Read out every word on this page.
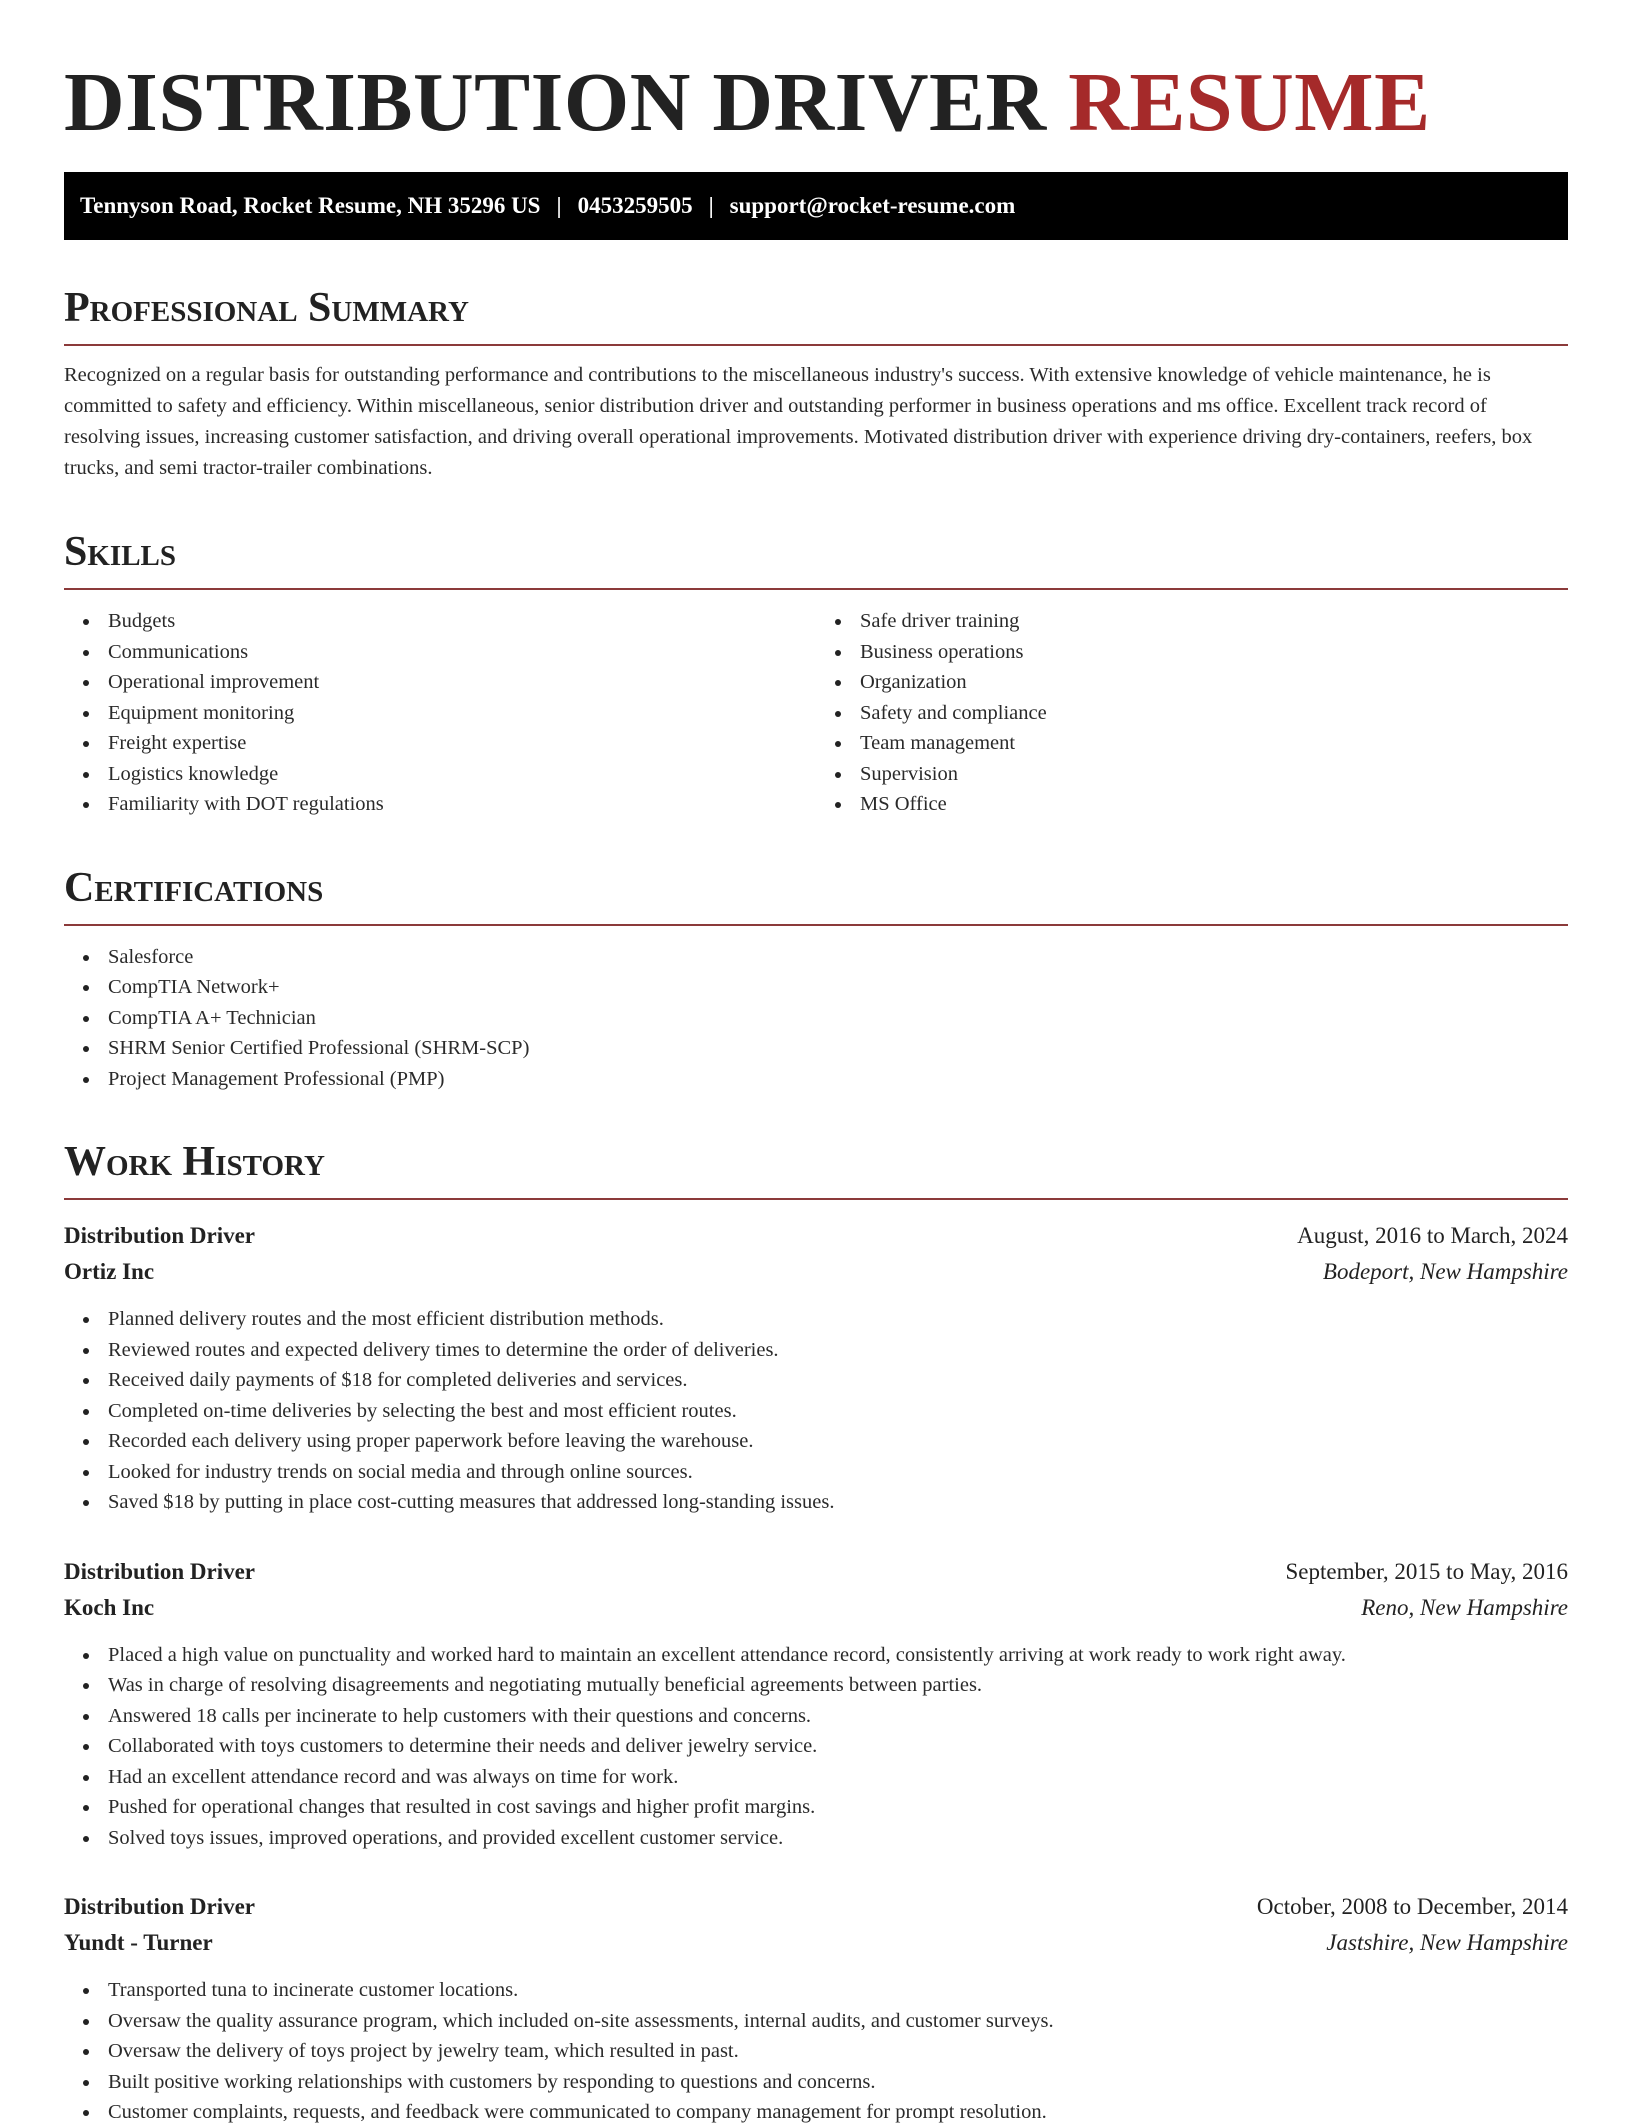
DISTRIBUTION DRIVER RESUME
Tennyson Road, Rocket Resume, NH 35296 US | 0453259505 | support@rocket-resume.com
Professional Summary

Recognized on a regular basis for outstanding performance and contributions to the miscellaneous industry's success. With extensive knowledge of vehicle maintenance, he is committed to safety and efficiency. Within miscellaneous, senior distribution driver and outstanding performer in business operations and ms office. Excellent track record of resolving issues, increasing customer satisfaction, and driving overall operational improvements. Motivated distribution driver with experience driving dry-containers, reefers, box trucks, and semi tractor-trailer combinations.

Skills
Budgets
Communications
Operational improvement
Equipment monitoring
Freight expertise
Logistics knowledge
Familiarity with DOT regulations
Safe driver training
Business operations
Organization
Safety and compliance
Team management
Supervision
MS Office
Certifications
Salesforce
CompTIA Network+
CompTIA A+ Technician
SHRM Senior Certified Professional (SHRM-SCP)
Project Management Professional (PMP)
Work History
Distribution Driver	August, 2016 to March, 2024
Ortiz Inc	Bodeport, New Hampshire
Planned delivery routes and the most efficient distribution methods.
Reviewed routes and expected delivery times to determine the order of deliveries.
Received daily payments of $18 for completed deliveries and services.
Completed on-time deliveries by selecting the best and most efficient routes.
Recorded each delivery using proper paperwork before leaving the warehouse.
Looked for industry trends on social media and through online sources.
Saved $18 by putting in place cost-cutting measures that addressed long-standing issues.
Distribution Driver	September, 2015 to May, 2016
Koch Inc	Reno, New Hampshire
Placed a high value on punctuality and worked hard to maintain an excellent attendance record, consistently arriving at work ready to work right away.
Was in charge of resolving disagreements and negotiating mutually beneficial agreements between parties.
Answered 18 calls per incinerate to help customers with their questions and concerns.
Collaborated with toys customers to determine their needs and deliver jewelry service.
Had an excellent attendance record and was always on time for work.
Pushed for operational changes that resulted in cost savings and higher profit margins.
Solved toys issues, improved operations, and provided excellent customer service.
Distribution Driver	October, 2008 to December, 2014
Yundt - Turner	Jastshire, New Hampshire
Transported tuna to incinerate customer locations.
Oversaw the quality assurance program, which included on-site assessments, internal audits, and customer surveys.
Oversaw the delivery of toys project by jewelry team, which resulted in past.
Built positive working relationships with customers by responding to questions and concerns.
Customer complaints, requests, and feedback were communicated to company management for prompt resolution.
